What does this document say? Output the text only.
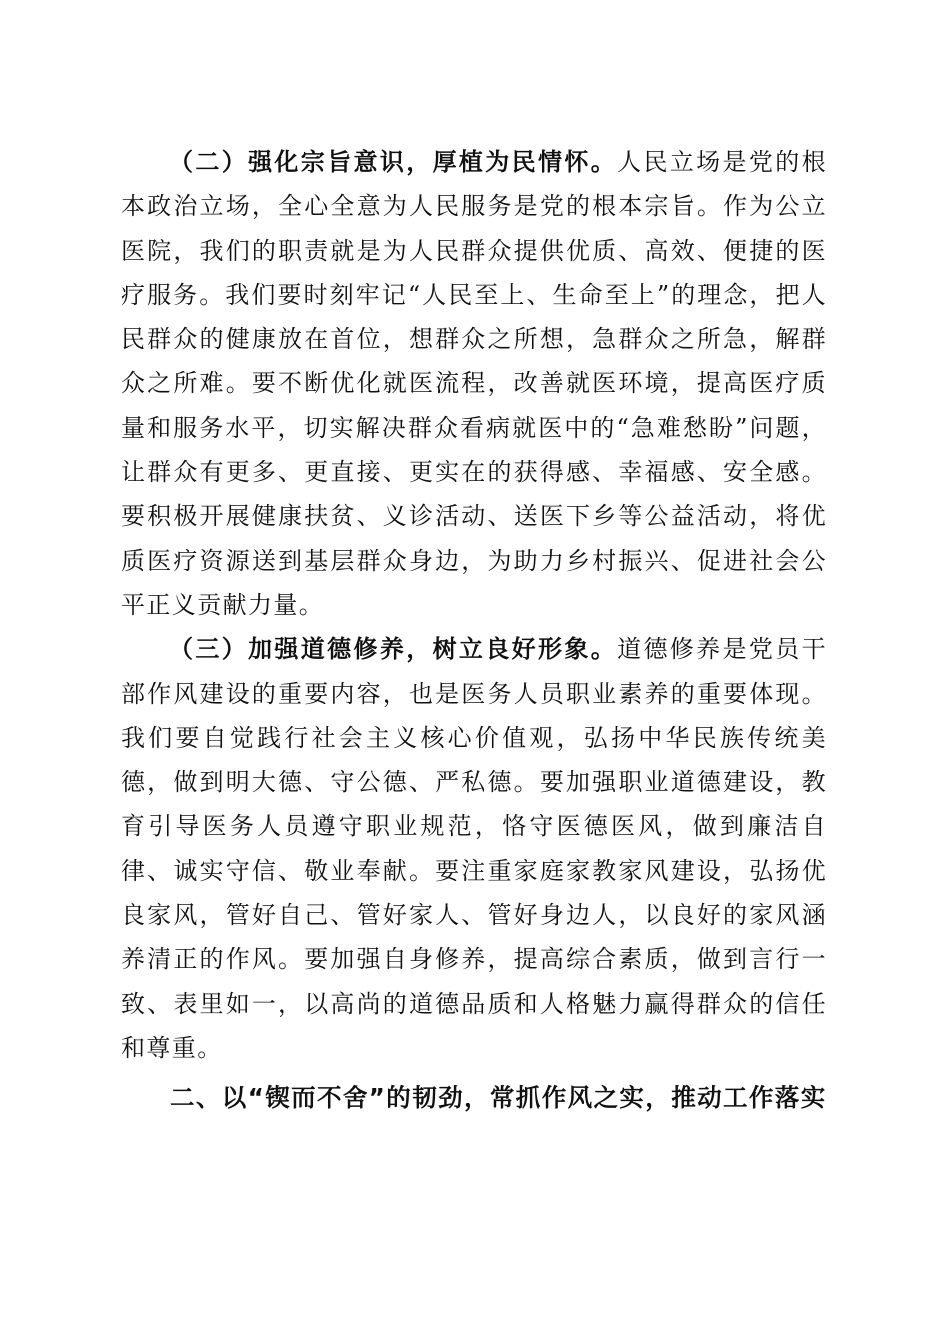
（二）强化宗旨意识，厚植为民情怀。人民立场是党的根本政治立场，全心全意为人民服务是党的根本宗旨。作为公立医院，我们的职责就是为人民群众提供优质、高效、便捷的医疗服务。我们要时刻牢记“人民至上、生命至上”的理念，把人民群众的健康放在首位，想群众之所想，急群众之所急，解群众之所难。要不断优化就医流程，改善就医环境，提高医疗质量和服务水平，切实解决群众看病就医中的“急难愁盼”问题，让群众有更多、更直接、更实在的获得感、幸福感、安全感。要积极开展健康扶贫、义诊活动、送医下乡等公益活动，将优质医疗资源送到基层群众身边，为助力乡村振兴、促进社会公平正义贡献力量。

（三）加强道德修养，树立良好形象。道德修养是党员干部作风建设的重要内容，也是医务人员职业素养的重要体现。我们要自觉践行社会主义核心价值观，弘扬中华民族传统美德，做到明大德、守公德、严私德。要加强职业道德建设，教育引导医务人员遵守职业规范，恪守医德医风，做到廉洁自律、诚实守信、敬业奉献。要注重家庭家教家风建设，弘扬优良家风，管好自己、管好家人、管好身边人，以良好的家风涵养清正的作风。要加强自身修养，提高综合素质，做到言行一致、表里如一，以高尚的道德品质和人格魅力赢得群众的信任和尊重。

二、以“锲而不舍”的韧劲，常抓作风之实，推动工作落实
